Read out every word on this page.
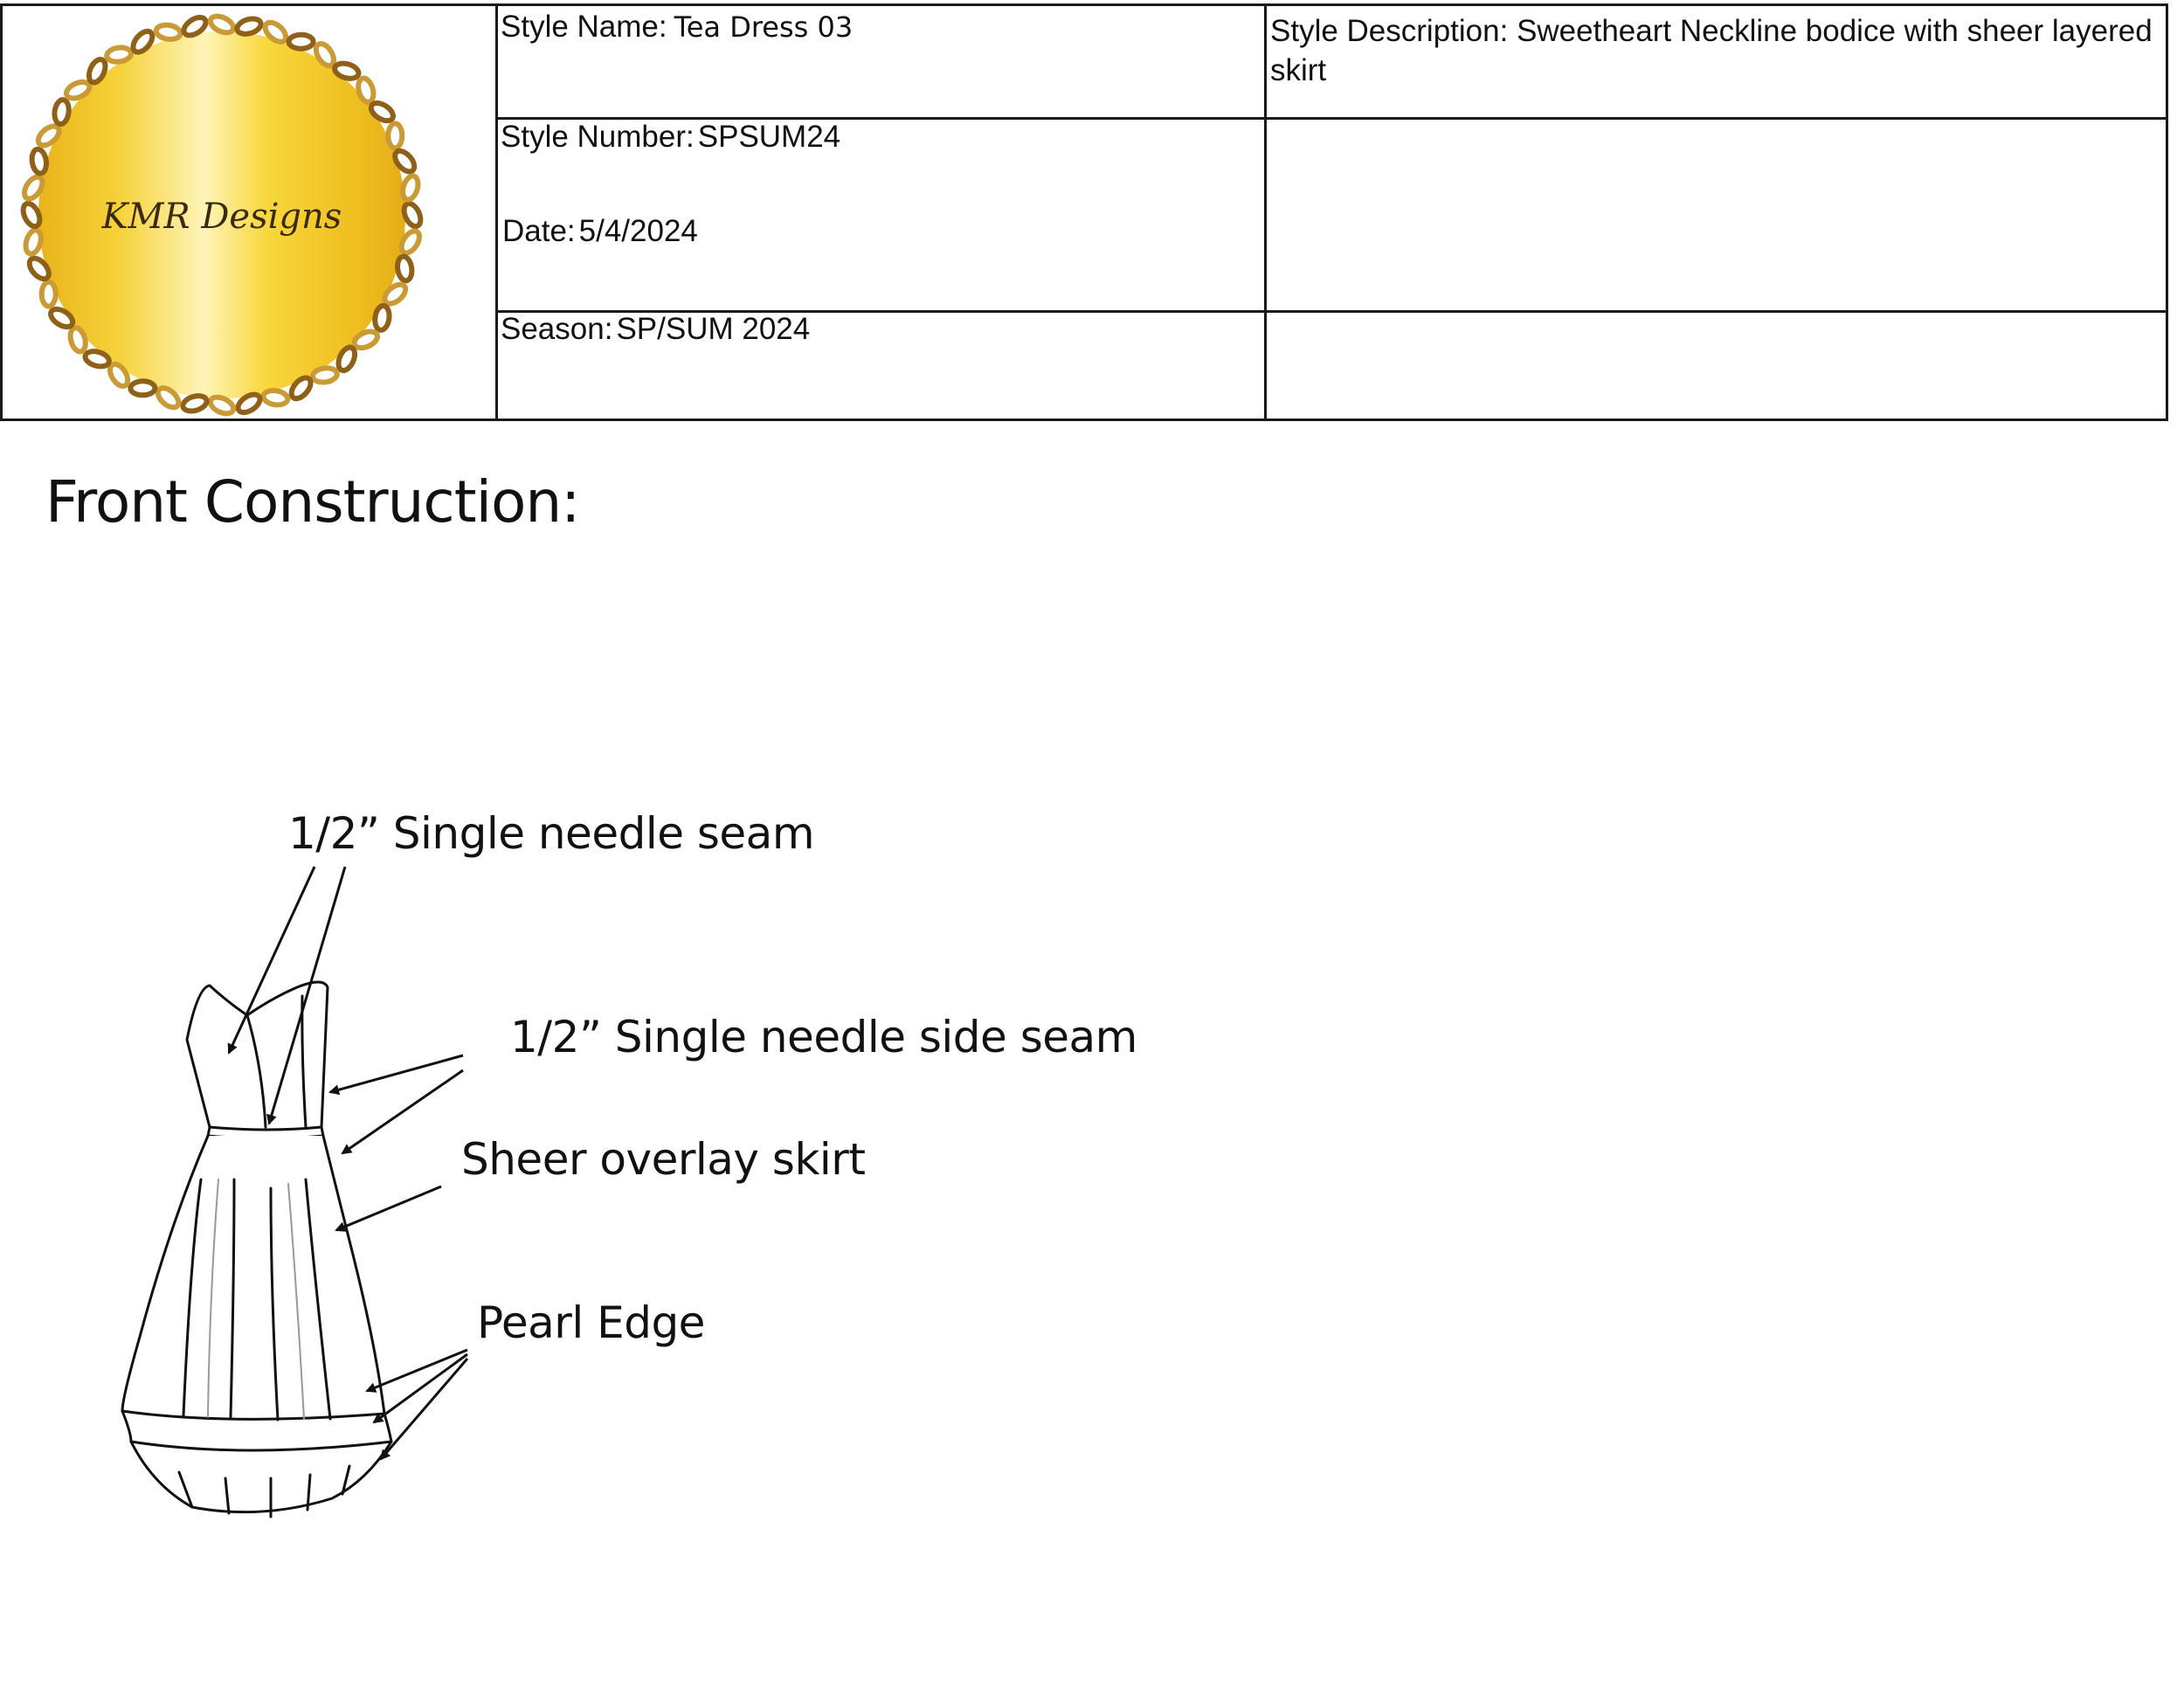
KMR Designs
Style Name: Tea Dress 03	Style Description: Sweetheart Neckline bodice with sheer layered skirt
Style Number: SPSUM24
Date: 5/4/2024
Season: SP/SUM 2024
Front Construction:
1/2” Single needle seam
1/2” Single needle side seam
Sheer overlay skirt
Pearl Edge
